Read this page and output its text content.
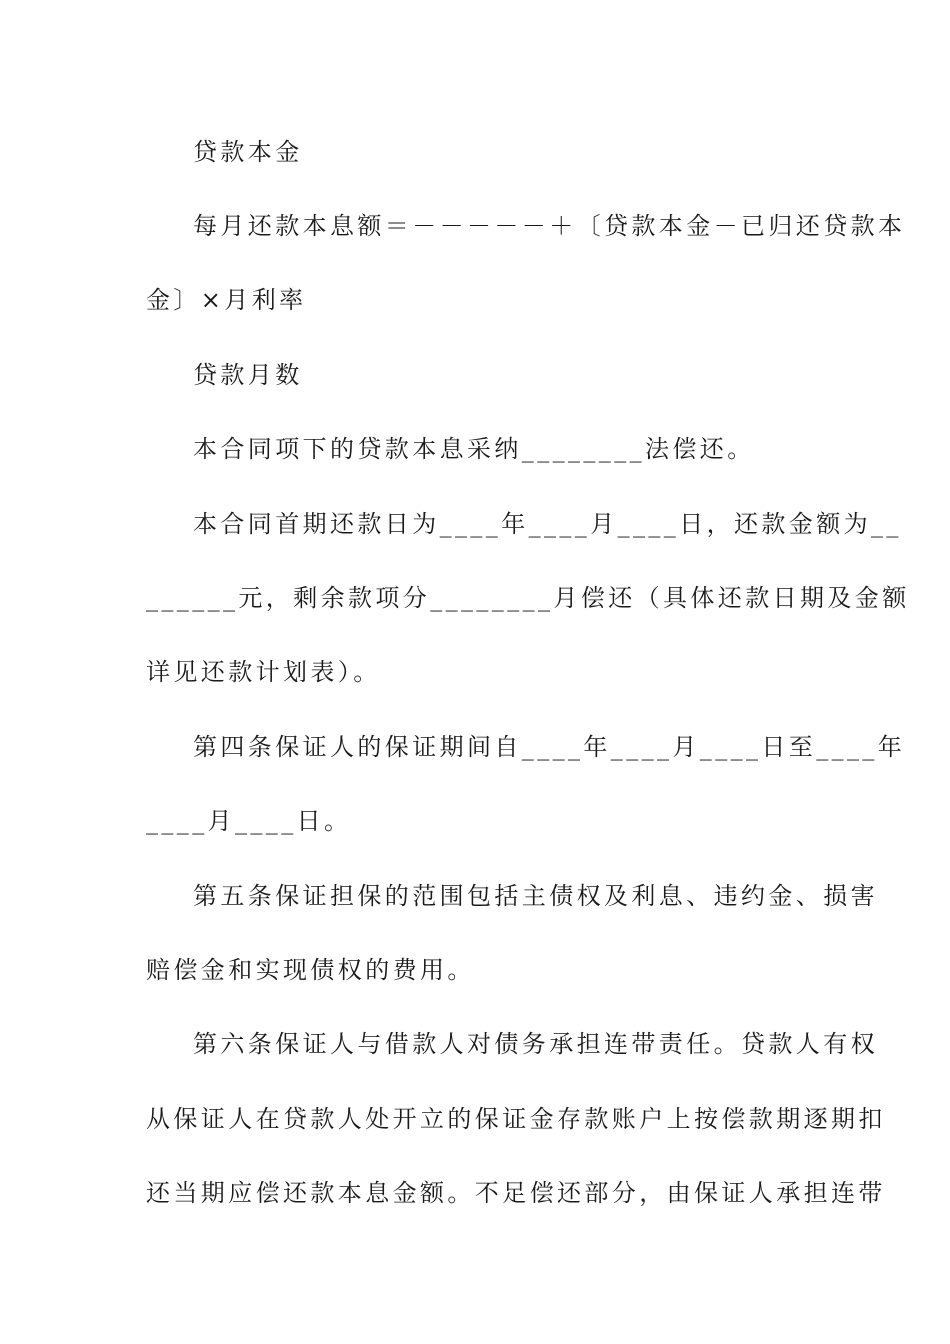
贷款本金
每月还款本息额＝－－－－－＋〔贷款本金－已归还贷款本
金〕×月利率
贷款月数
本合同项下的贷款本息采纳________法偿还。
本合同首期还款日为____年____月____日，还款金额为__
______元，剩余款项分________月偿还（具体还款日期及金额
详见还款计划表）。
第四条保证人的保证期间自____年____月____日至____年
____月____日。
第五条保证担保的范围包括主债权及利息、违约金、损害
赔偿金和实现债权的费用。
第六条保证人与借款人对债务承担连带责任。贷款人有权
从保证人在贷款人处开立的保证金存款账户上按偿款期逐期扣
还当期应偿还款本息金额。不足偿还部分，由保证人承担连带
